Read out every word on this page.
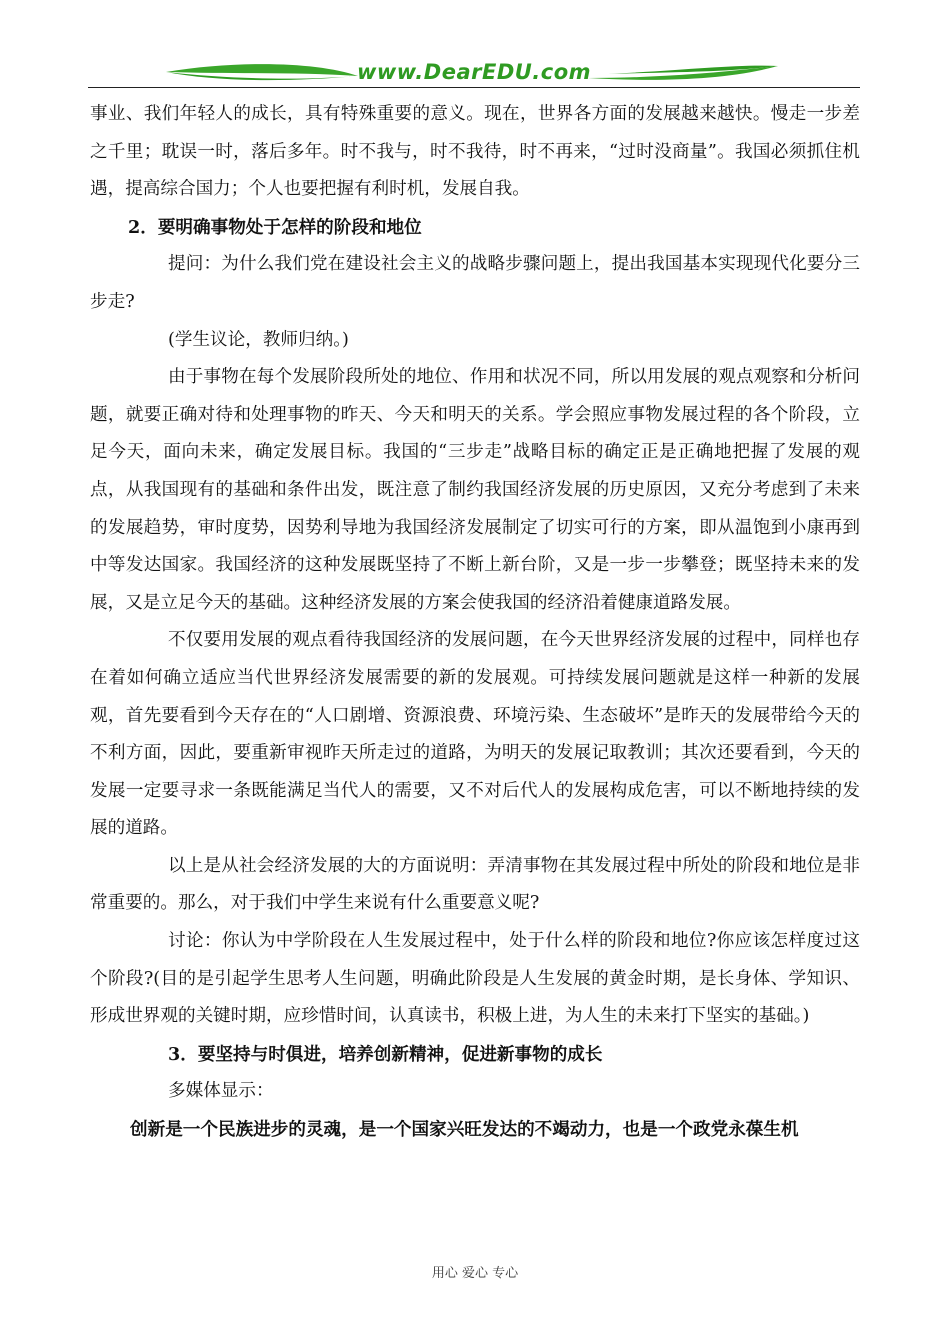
www.DearEDU.com

事业、我们年轻人的成长，具有特殊重要的意义。现在，世界各方面的发展越来越快。慢走一步差之千里；耽误一时，落后多年。时不我与，时不我待，时不再来，“过时没商量”。我国必须抓住机遇，提高综合国力；个人也要把握有利时机，发展自我。

2．要明确事物处于怎样的阶段和地位

提问：为什么我们党在建设社会主义的战略步骤问题上，提出我国基本实现现代化要分三步走?

(学生议论，教师归纳。)

由于事物在每个发展阶段所处的地位、作用和状况不同，所以用发展的观点观察和分析问题，就要正确对待和处理事物的昨天、今天和明天的关系。学会照应事物发展过程的各个阶段，立足今天，面向未来，确定发展目标。我国的“三步走”战略目标的确定正是正确地把握了发展的观点，从我国现有的基础和条件出发，既注意了制约我国经济发展的历史原因，又充分考虑到了未来的发展趋势，审时度势，因势利导地为我国经济发展制定了切实可行的方案，即从温饱到小康再到中等发达国家。我国经济的这种发展既坚持了不断上新台阶，又是一步一步攀登；既坚持未来的发展，又是立足今天的基础。这种经济发展的方案会使我国的经济沿着健康道路发展。

不仅要用发展的观点看待我国经济的发展问题，在今天世界经济发展的过程中，同样也存在着如何确立适应当代世界经济发展需要的新的发展观。可持续发展问题就是这样一种新的发展观，首先要看到今天存在的“人口剧增、资源浪费、环境污染、生态破坏”是昨天的发展带给今天的不利方面，因此，要重新审视昨天所走过的道路，为明天的发展记取教训；其次还要看到，今天的发展一定要寻求一条既能满足当代人的需要，又不对后代人的发展构成危害，可以不断地持续的发展的道路。

以上是从社会经济发展的大的方面说明：弄清事物在其发展过程中所处的阶段和地位是非常重要的。那么，对于我们中学生来说有什么重要意义呢?

讨论：你认为中学阶段在人生发展过程中，处于什么样的阶段和地位?你应该怎样度过这个阶段?(目的是引起学生思考人生问题，明确此阶段是人生发展的黄金时期，是长身体、学知识、形成世界观的关键时期，应珍惜时间，认真读书，积极上进，为人生的未来打下坚实的基础。)

3．要坚持与时俱进，培养创新精神，促进新事物的成长

多媒体显示：

创新是一个民族进步的灵魂，是一个国家兴旺发达的不竭动力，也是一个政党永葆生机

用心 爱心 专心
